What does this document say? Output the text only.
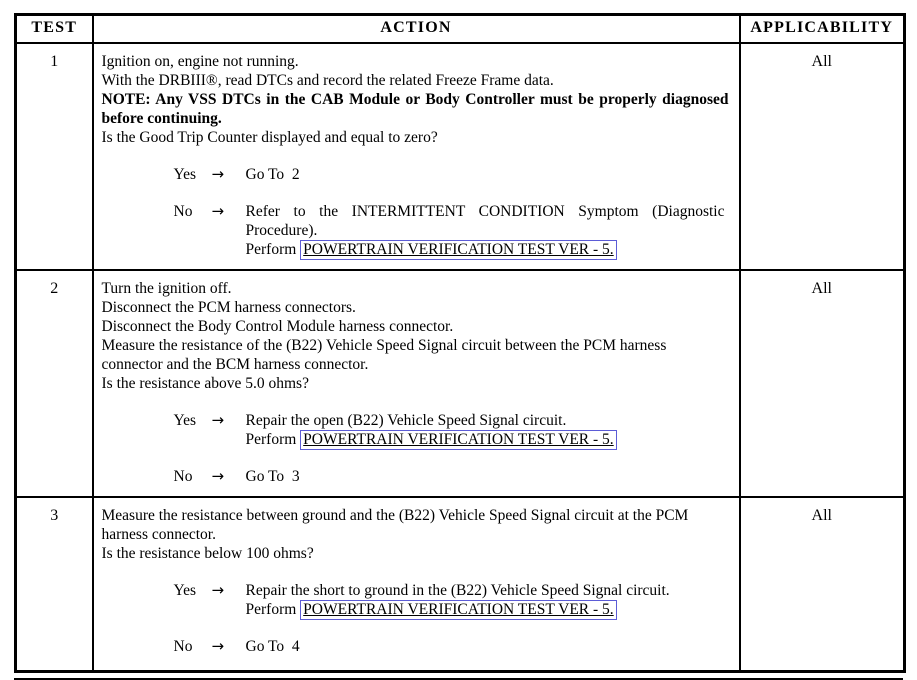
TEST	ACTION	APPLICABILITY

1	Ignition on, engine not running.
With the DRBIII®, read DTCs and record the related Freeze Frame data.
NOTE: Any VSS DTCs in the CAB Module or Body Controller must be properly diagnosed before continuing.
Is the Good Trip Counter displayed and equal to zero?
Yes	→	Go To  2
No	→	Refer to the INTERMITTENT CONDITION Symptom (Diagnostic Procedure).
Perform POWERTRAIN VERIFICATION TEST VER - 5.

All

2	Turn the ignition off.
Disconnect the PCM harness connectors.
Disconnect the Body Control Module harness connector.
Measure the resistance of the (B22) Vehicle Speed Signal circuit between the PCM harness connector and the BCM harness connector.
Is the resistance above 5.0 ohms?
Yes	→	Repair the open (B22) Vehicle Speed Signal circuit.
Perform POWERTRAIN VERIFICATION TEST VER - 5.
No	→	Go To  3

All

3	Measure the resistance between ground and the (B22) Vehicle Speed Signal circuit at the PCM harness connector.
Is the resistance below 100 ohms?
Yes	→	Repair the short to ground in the (B22) Vehicle Speed Signal circuit.
Perform POWERTRAIN VERIFICATION TEST VER - 5.
No	→	Go To  4

All
